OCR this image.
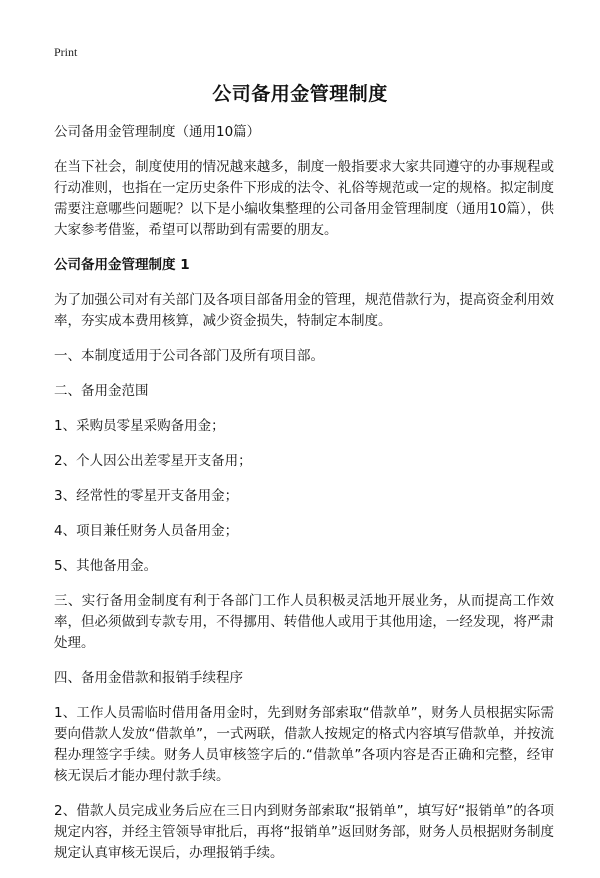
Print
公司备用金管理制度

公司备用金管理制度（通用10篇）

在当下社会，制度使用的情况越来越多，制度一般指要求大家共同遵守的办事规程或行动准则，也指在一定历史条件下形成的法令、礼俗等规范或一定的规格。拟定制度需要注意哪些问题呢？以下是小编收集整理的公司备用金管理制度（通用10篇），供大家参考借鉴，希望可以帮助到有需要的朋友。

公司备用金管理制度 1

为了加强公司对有关部门及各项目部备用金的管理，规范借款行为，提高资金利用效率，夯实成本费用核算，减少资金损失，特制定本制度。

一、本制度适用于公司各部门及所有项目部。

二、备用金范围

1、采购员零星采购备用金；

2、个人因公出差零星开支备用；

3、经常性的零星开支备用金；

4、项目兼任财务人员备用金；

5、其他备用金。

三、实行备用金制度有利于各部门工作人员积极灵活地开展业务，从而提高工作效率，但必须做到专款专用，不得挪用、转借他人或用于其他用途，一经发现，将严肃处理。

四、备用金借款和报销手续程序

1、工作人员需临时借用备用金时，先到财务部索取“借款单”，财务人员根据实际需要向借款人发放“借款单”，一式两联，借款人按规定的格式内容填写借款单，并按流程办理签字手续。财务人员审核签字后的.“借款单”各项内容是否正确和完整，经审核无误后才能办理付款手续。

2、借款人员完成业务后应在三日内到财务部索取“报销单”，填写好“报销单”的各项规定内容，并经主管领导审批后，再将“报销单”返回财务部，财务人员根据财务制度规定认真审核无误后，办理报销手续。
